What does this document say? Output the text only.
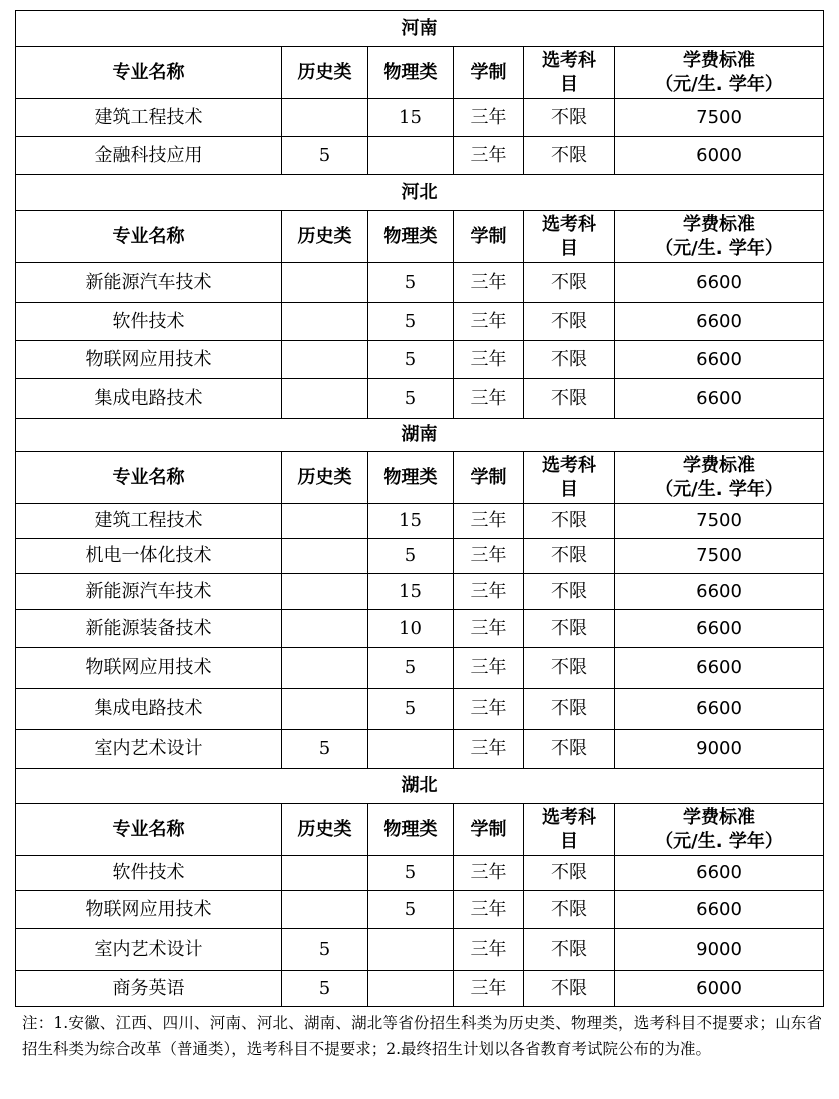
河南					
专业名称	历史类	物理类	学制	选考科目	学费标准
（元/生. 学年）

建筑工程技术		15	三年	不限	7500
金融科技应用	5		三年	不限	6000
河北					
专业名称	历史类	物理类	学制	选考科目	学费标准
（元/生. 学年）

新能源汽车技术		5	三年	不限	6600
软件技术		5	三年	不限	6600
物联网应用技术		5	三年	不限	6600
集成电路技术		5	三年	不限	6600
湖南					
专业名称	历史类	物理类	学制	选考科目	学费标准
（元/生. 学年）

建筑工程技术		15	三年	不限	7500
机电一体化技术		5	三年	不限	7500
新能源汽车技术		15	三年	不限	6600
新能源装备技术		10	三年	不限	6600
物联网应用技术		5	三年	不限	6600
集成电路技术		5	三年	不限	6600
室内艺术设计	5		三年	不限	9000
湖北					
专业名称	历史类	物理类	学制	选考科目	学费标准
（元/生. 学年）

软件技术		5	三年	不限	6600
物联网应用技术		5	三年	不限	6600
室内艺术设计	5		三年	不限	9000
商务英语	5		三年	不限	6000
注：1.安徽、江西、四川、河南、河北、湖南、湖北等省份招生科类为历史类、物理类，选考科目不提要求；山东省招生科类为综合改革（普通类），选考科目不提要求；2.最终招生计划以各省教育考试院公布的为准。
